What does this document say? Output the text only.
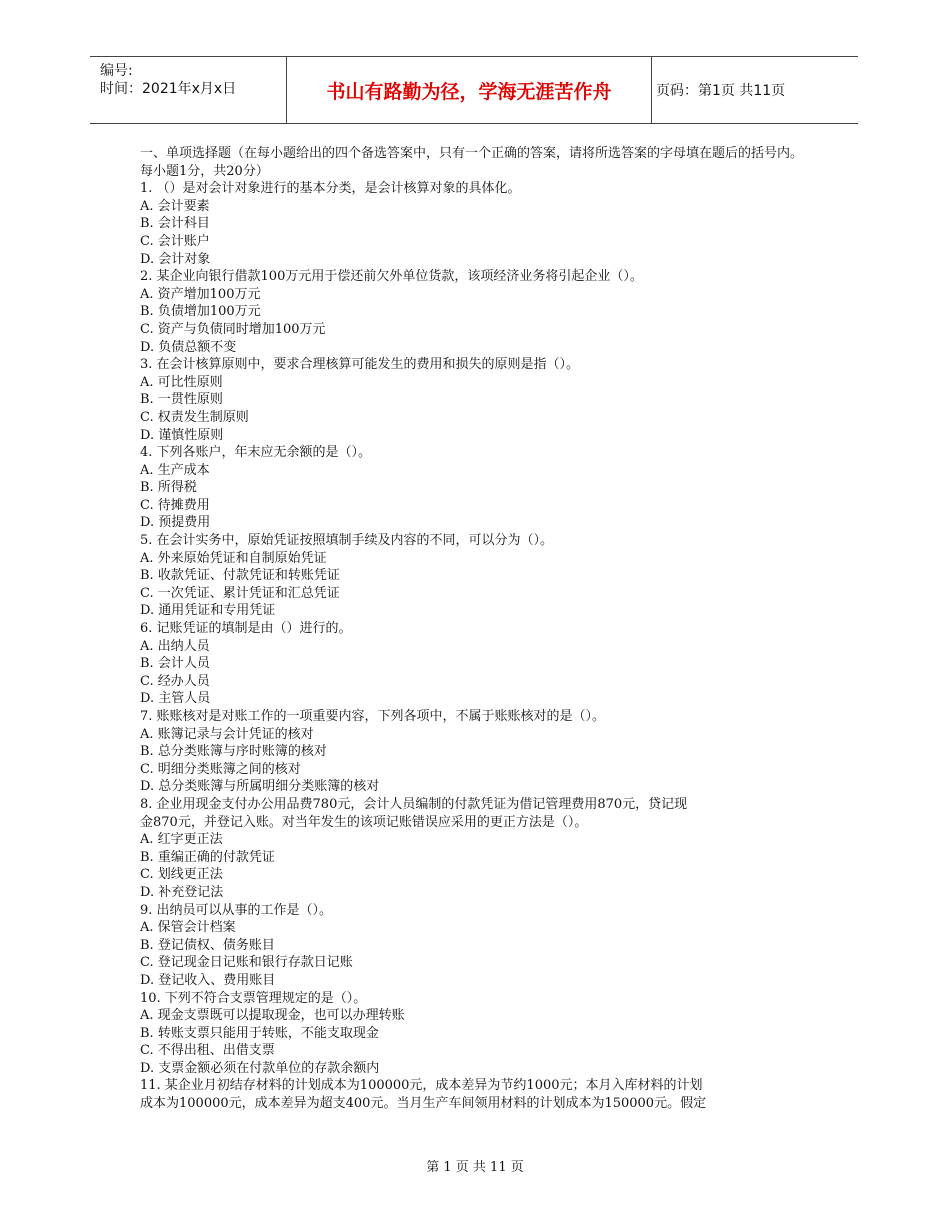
编号:
时间：2021年x月x日	书山有路勤为径，学海无涯苦作舟	页码：第1页 共11页
一、单项选择题（在每小题给出的四个备选答案中，只有一个正确的答案，请将所选答案的字母填在题后的括号内。每小题1分，共20分）
1. （）是对会计对象进行的基本分类，是会计核算对象的具体化。
A. 会计要素
B. 会计科目
C. 会计账户
D. 会计对象
2. 某企业向银行借款100万元用于偿还前欠外单位货款，该项经济业务将引起企业（）。
A. 资产增加100万元
B. 负债增加100万元
C. 资产与负债同时增加100万元
D. 负债总额不变
3. 在会计核算原则中，要求合理核算可能发生的费用和损失的原则是指（）。
A. 可比性原则
B. 一贯性原则
C. 权责发生制原则
D. 谨慎性原则
4. 下列各账户，年末应无余额的是（）。
A. 生产成本
B. 所得税
C. 待摊费用
D. 预提费用
5. 在会计实务中，原始凭证按照填制手续及内容的不同，可以分为（）。
A. 外来原始凭证和自制原始凭证
B. 收款凭证、付款凭证和转账凭证
C. 一次凭证、累计凭证和汇总凭证
D. 通用凭证和专用凭证
6. 记账凭证的填制是由（）进行的。
A. 出纳人员
B. 会计人员
C. 经办人员
D. 主管人员
7. 账账核对是对账工作的一项重要内容，下列各项中，不属于账账核对的是（）。
A. 账簿记录与会计凭证的核对
B. 总分类账簿与序时账簿的核对
C. 明细分类账簿之间的核对
D. 总分类账簿与所属明细分类账簿的核对
8. 企业用现金支付办公用品费780元，会计人员编制的付款凭证为借记管理费用870元，贷记现
金870元，并登记入账。对当年发生的该项记账错误应采用的更正方法是（）。
A. 红字更正法
B. 重编正确的付款凭证
C. 划线更正法
D. 补充登记法
9. 出纳员可以从事的工作是（）。
A. 保管会计档案
B. 登记债权、债务账目
C. 登记现金日记账和银行存款日记账
D. 登记收入、费用账目
10. 下列不符合支票管理规定的是（）。
A. 现金支票既可以提取现金，也可以办理转账
B. 转账支票只能用于转账，不能支取现金
C. 不得出租、出借支票
D. 支票金额必须在付款单位的存款余额内
11. 某企业月初结存材料的计划成本为100000元，成本差异为节约1000元；本月入库材料的计划
成本为100000元，成本差异为超支400元。当月生产车间领用材料的计划成本为150000元。假定
第 1 页 共 11 页
